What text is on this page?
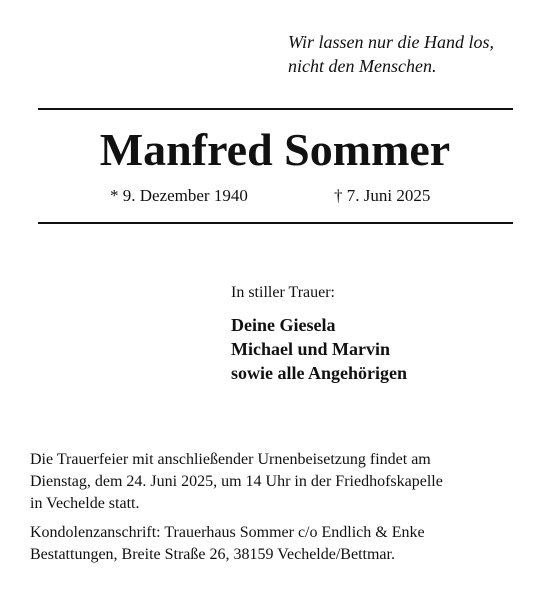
Wir lassen nur die Hand los,
nicht den Menschen.
Manfred Sommer
* 9. Dezember 1940	† 7. Juni 2025
In stiller Trauer:
Deine Giesela
Michael und Marvin
sowie alle Angehörigen
Die Trauerfeier mit anschließender Urnenbeisetzung findet am
Dienstag, dem 24. Juni 2025, um 14 Uhr in der Friedhofskapelle
in Vechelde statt.
Kondolenzanschrift: Trauerhaus Sommer c/o Endlich & Enke
Bestattungen, Breite Straße 26, 38159 Vechelde/Bettmar.
